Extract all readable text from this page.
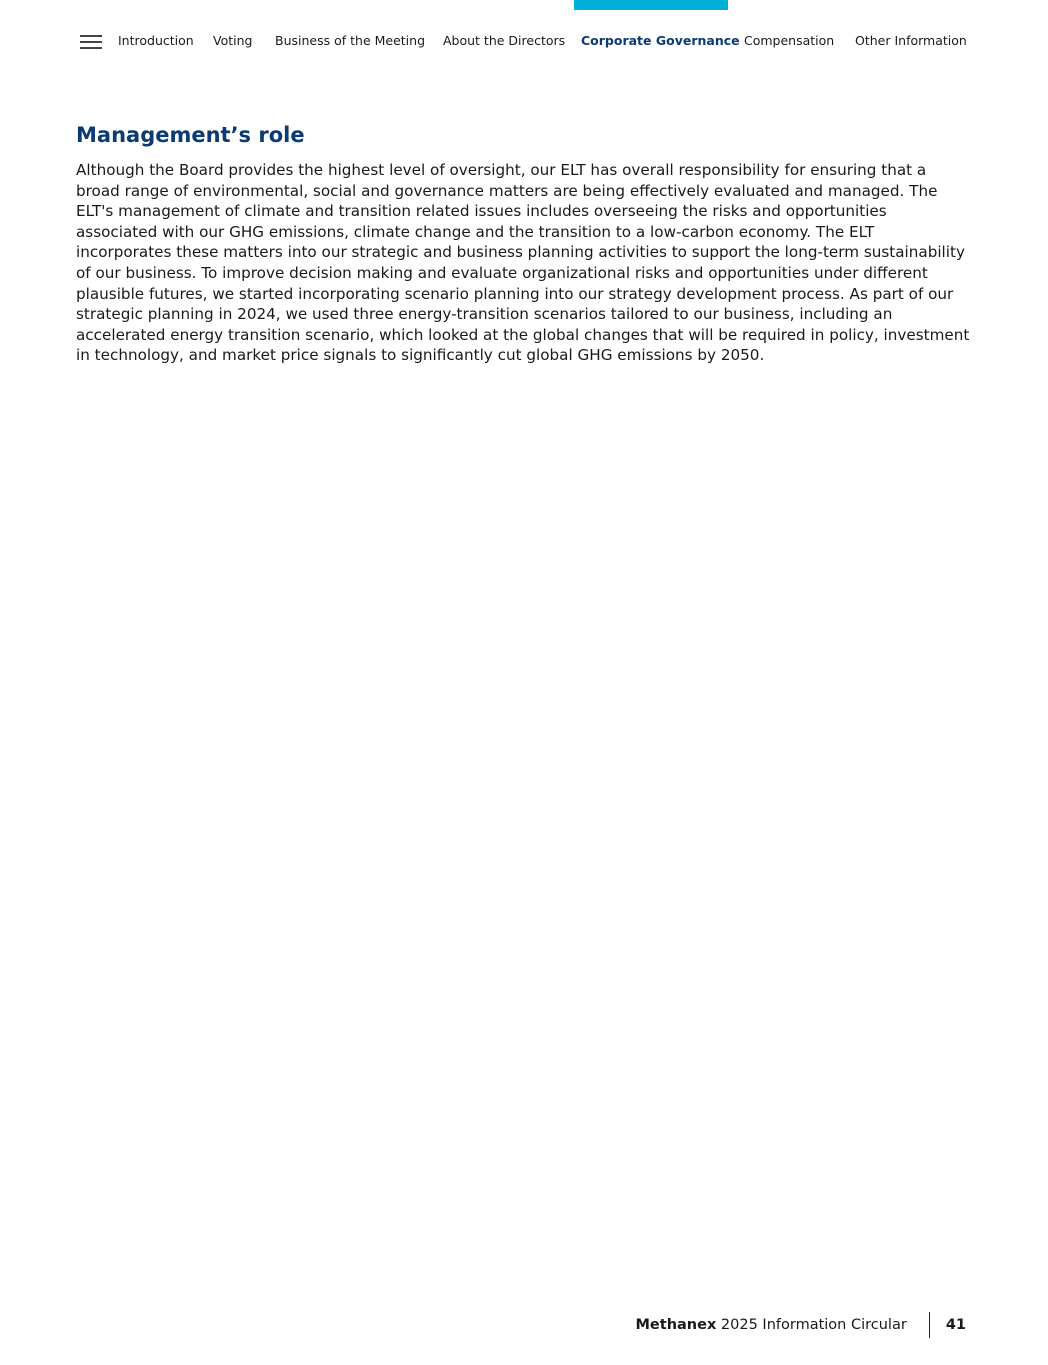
Introduction Voting Business of the Meeting About the Directors Corporate Governance Compensation Other Information
Management’s role

Although the Board provides the highest level of oversight, our ELT has overall responsibility for ensuring that a broad range of environmental, social and governance matters are being effectively evaluated and managed. The ELT's management of climate and transition related issues includes overseeing the risks and opportunities associated with our GHG emissions, climate change and the transition to a low-carbon economy. The ELT incorporates these matters into our strategic and business planning activities to support the long-term sustainability of our business. To improve decision making and evaluate organizational risks and opportunities under different plausible futures, we started incorporating scenario planning into our strategy development process. As part of our strategic planning in 2024, we used three energy-transition scenarios tailored to our business, including an accelerated energy transition scenario, which looked at the global changes that will be required in policy, investment in technology, and market price signals to significantly cut global GHG emissions by 2050.

Methanex
2025 Information Circular	41
